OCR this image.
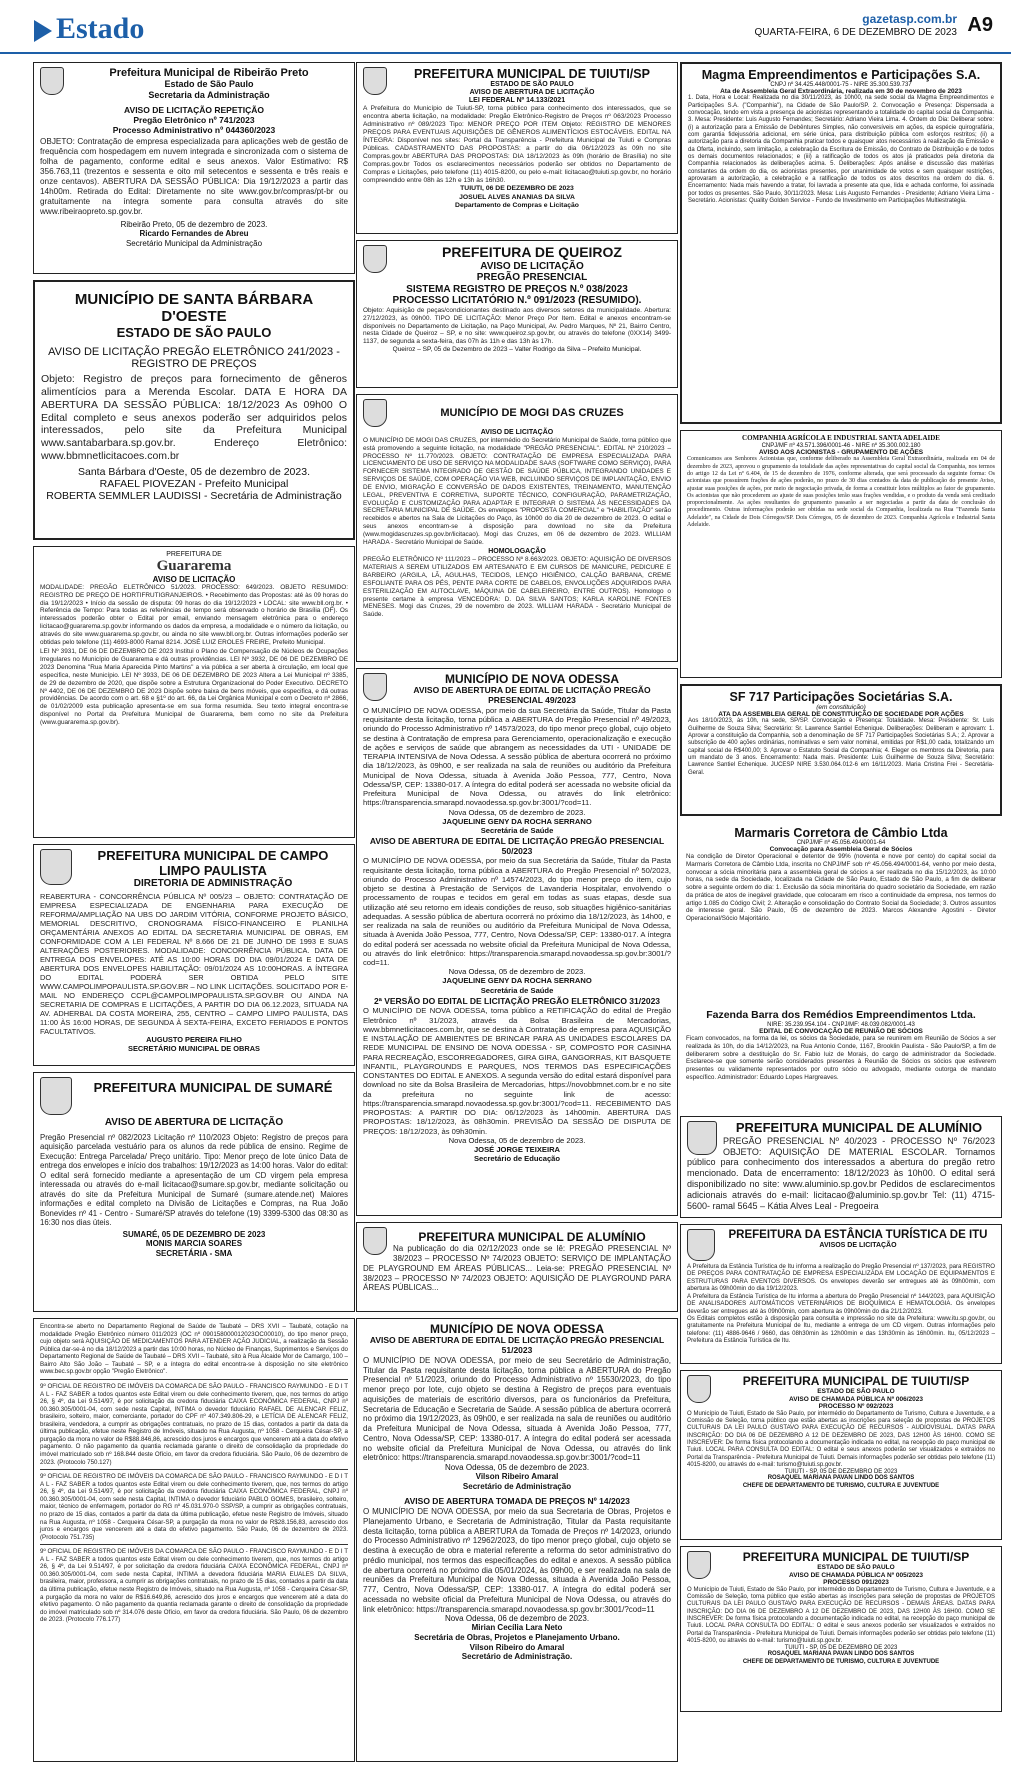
Estado	gazetasp.com.br
QUARTA-FEIRA, 6 DE DEZEMBRO DE 2023 A9
Prefeitura Municipal de Ribeirão Preto
Estado de São Paulo
Secretaria da Administração
AVISO DE LICITAÇÃO REPETIÇÃO
Pregão Eletrônico nº 741/2023
Processo Administrativo nº 044360/2023
OBJETO: Contratação de empresa especializada para aplicações web de gestão de frequência com hospedagem em nuvem integrada e sincronizada com o sistema de folha de pagamento, conforme edital e seus anexos. Valor Estimativo: R$ 356.763,11 (trezentos e sessenta e oito mil setecentos e sessenta e três reais e onze centavos). ABERTURA DA SESSÃO PÚBLICA: Dia 19/12/2023 a partir das 14h00m. Retirada do Edital: Diretamente no site www.gov.br/compras/pt-br ou gratuitamente na íntegra somente para consulta através do site www.ribeiraopreto.sp.gov.br.
Ribeirão Preto, 05 de dezembro de 2023.
Ricardo Fernandes de Abreu
Secretário Municipal da Administração
MUNICÍPIO DE SANTA BÁRBARA D'OESTE
ESTADO DE SÃO PAULO
AVISO DE LICITAÇÃO PREGÃO ELETRÔNICO 241/2023 - REGISTRO DE PREÇOS
Objeto: Registro de preços para fornecimento de gêneros alimentícios para a Merenda Escolar. DATA E HORA DA ABERTURA DA SESSÃO PÚBLICA: 18/12/2023 As 09h00 O Edital completo e seus anexos poderão ser adquiridos pelos interessados, pelo site da Prefeitura Municipal www.santabarbara.sp.gov.br. Endereço Eletrônico: www.bbmnetlicitacoes.com.br
Santa Bárbara d'Oeste, 05 de dezembro de 2023.
RAFAEL PIOVEZAN - Prefeito Municipal
ROBERTA SEMMLER LAUDISSI - Secretária de Administração
PREFEITURA DE
Guararema
AVISO DE LICITAÇÃO
MODALIDADE: PREGÃO ELETRÔNICO 51/2023. PROCESSO: 649/2023. OBJETO RESUMIDO: REGISTRO DE PREÇO DE HORTIFRUTIGRANJEIROS. • Recebimento das Propostas: até às 09 horas do dia 19/12/2023 • Início da sessão de disputa: 09 horas do dia 19/12/2023 • LOCAL: site www.bll.org.br. • Referência de Tempo: Para todas as referências de tempo será observado o horário de Brasília (DF). Os interessados poderão obter o Edital por email, enviando mensagem eletrônica para o endereço licitacao@guararema.sp.gov.br informando os dados da empresa, a modalidade e o número da licitação, ou através do site www.guararema.sp.gov.br, ou ainda no site www.bll.org.br. Outras informações poderão ser obtidas pelo telefone (11) 4693-8000 Ramal 8214. JOSÉ LUIZ EROLES FREIRE, Prefeito Municipal.
LEI Nº 3931, DE 06 DE DEZEMBRO DE 2023 Institui o Plano de Compensação de Núcleos de Ocupações Irregulares no Município de Guararema e dá outras providências. LEI Nº 3932, DE 06 DE DEZEMBRO DE 2023 Denomina "Rua Maria Aparecida Pinto Martins" a via pública a ser aberta à circulação, em local que especifica, neste Município. LEI Nº 3933, DE 06 DE DEZEMBRO DE 2023 Altera a Lei Municipal nº 3385, de 29 de dezembro de 2020, que dispõe sobre a Estrutura Organizacional do Poder Executivo. DECRETO Nº 4402, DE 06 DE DEZEMBRO DE 2023 Dispõe sobre baixa de bens móveis, que especifica, e dá outras providências. De acordo com o art. 68 e §1º do art. 66, da Lei Orgânica Municipal e com o Decreto nº 2866, de 01/02/2009 esta publicação apresenta-se em sua forma resumida. Seu texto integral encontra-se disponível no Portal da Prefeitura Municipal de Guararema, bem como no site da Prefeitura (www.guararema.sp.gov.br).
PREFEITURA MUNICIPAL DE CAMPO LIMPO PAULISTA
DIRETORIA DE ADMINISTRAÇÃO
REABERTURA - CONCORRÊNCIA PÚBLICA Nº 005/23 – OBJETO: CONTRATAÇÃO DE EMPRESA ESPECIALIZADA DE ENGENHARIA PARA EXECUÇÃO DE REFORMA/AMPLIAÇÃO NA UBS DO JARDIM VITÓRIA, CONFORME PROJETO BÁSICO, MEMORIAL DESCRITIVO, CRONOGRAMA FÍSICO-FINANCEIRO E PLANILHA ORÇAMENTÁRIA ANEXOS AO EDITAL DA SECRETARIA MUNICIPAL DE OBRAS, EM CONFORMIDADE COM A LEI FEDERAL Nº 8.666 DE 21 DE JUNHO DE 1993 E SUAS ALTERAÇÕES POSTERIORES. MODALIDADE: CONCORRÊNCIA PÚBLICA. DATA DE ENTREGA DOS ENVELOPES: ATÉ AS 10:00 HORAS DO DIA 09/01/2024 E DATA DE ABERTURA DOS ENVELOPES HABILITAÇÃO: 09/01/2024 AS 10:00HORAS. A ÍNTEGRA DO EDITAL PODERÁ SER OBTIDA PELO SITE WWW.CAMPOLIMPOPAULISTA.SP.GOV.BR – NO LINK LICITAÇÕES. SOLICITADO POR E-MAIL NO ENDEREÇO CCPL@CAMPOLIMPOPAULISTA.SP.GOV.BR OU AINDA NA SECRETARIA DE COMPRAS E LICITAÇÕES, A PARTIR DO DIA 06.12.2023, SITUADA NA AV. ADHERBAL DA COSTA MOREIRA, 255, CENTRO – CAMPO LIMPO PAULISTA, DAS 11:00 ÀS 16:00 HORAS, DE SEGUNDA À SEXTA-FEIRA, EXCETO FERIADOS E PONTOS FACULTATIVOS.
AUGUSTO PEREIRA FILHO
SECRETÁRIO MUNICIPAL DE OBRAS
PREFEITURA MUNICIPAL DE SUMARÉ
AVISO DE ABERTURA DE LICITAÇÃO
Pregão Presencial nº 082/2023 Licitação nº 110/2023 Objeto: Registro de preços para aquisição parcelada vestuário para os alunos da rede pública de ensino. Regime de Execução: Entrega Parcelada/ Preço unitário. Tipo: Menor preço de lote único Data de entrega dos envelopes e início dos trabalhos: 19/12/2023 as 14:00 horas. Valor do edital: O edital será fornecido mediante a apresentação de um CD virgem pela empresa interessada ou através do e-mail licitacao@sumare.sp.gov.br, mediante solicitação ou através do site da Prefeitura Municipal de Sumaré (sumare.atende.net) Maiores informações e edital completo na Divisão de Licitações e Compras, na Rua João Bonevides nº 41 - Centro - Sumaré/SP através do telefone (19) 3399-5300 das 08:30 as 16:30 nos dias úteis.
SUMARÉ, 05 DE DEZEMBRO DE 2023
MONIS MARCIA SOARES
SECRETÁRIA - SMA
Encontra-se aberto no Departamento Regional de Saúde de Taubaté – DRS XVII – Taubaté, cotação na modalidade Pregão Eletrônico número 011/2023 (OC nº 090158000012023OC00010), do tipo menor preço, cujo objeto será AQUISIÇÃO DE MEDICAMENTOS PARA ATENDER AÇÃO JUDICIAL, a realização da Sessão Pública dar-se-á no dia 18/12/2023 a partir das 10:00 horas, no Núcleo de Finanças, Suprimentos e Serviços do Departamento Regional de Saúde de Taubaté – DRS XVII – Taubaté, sito à Rua Alcaide Mor de Camargo, 100 – Bairro Alto São João – Taubaté – SP, e a íntegra do edital encontra-se à disposição no site eletrônico www.bec.sp.gov.br opção "Pregão Eletrônico".
9º OFICIAL DE REGISTRO DE IMÓVEIS DA COMARCA DE SÃO PAULO - FRANCISCO RAYMUNDO - E D I T A L - FAZ SABER a todos quantos este Edital virem ou dele conhecimento tiverem, que, nos termos do artigo 26, § 4º, da Lei 9.514/97, é por solicitação da credora fiduciária CAIXA ECONÔMICA FEDERAL, CNPJ nº 00.360.305/0001-04, com sede nesta Capital, INTIMA o devedor fiduciário RAFAEL DE ALENCAR FELIZ, brasileiro, solteiro, maior, comerciante, portador do CPF nº 407.349.806-29, e LETÍCIA DE ALENCAR FELIZ, brasileira, vendedora, a cumprir as obrigações contratuais, no prazo de 15 dias, contados a partir da data da última publicação, efetue neste Registro de Imóveis, situado na Rua Augusta, nº 1058 - Cerqueira César-SP, a purgação da mora no valor de R$88.846,86, acrescido dos juros e encargos que vencerem até a data do efetivo pagamento. O não pagamento da quantia reclamada garante o direito de consolidação da propriedade do imóvel matriculado sob nº 168.844 deste Ofício, em favor da credora fiduciária. São Paulo, 06 de dezembro de 2023. (Protocolo 750.127)
9º OFICIAL DE REGISTRO DE IMÓVEIS DA COMARCA DE SÃO PAULO - FRANCISCO RAYMUNDO - E D I T A L - FAZ SABER a todos quantos este Edital virem ou dele conhecimento tiverem, que, nos termos do artigo 26, § 4º, da Lei 9.514/97, é por solicitação da credora fiduciária CAIXA ECONÔMICA FEDERAL, CNPJ nº 00.360.305/0001-04, com sede nesta Capital, INTIMA o devedor fiduciário PABLO GOMES, brasileiro, solteiro, maior, técnico de enfermagem, portador do RG nº 45.031.970-0 SSP/SP, a cumprir as obrigações contratuais, no prazo de 15 dias, contados a partir da data da última publicação, efetue neste Registro de Imóveis, situado na Rua Augusta, nº 1058 - Cerqueira César-SP, a purgação da mora no valor de R$28.156,83, acrescido dos juros e encargos que vencerem até a data do efetivo pagamento. São Paulo, 06 de dezembro de 2023. (Protocolo 751.735)
9º OFICIAL DE REGISTRO DE IMÓVEIS DA COMARCA DE SÃO PAULO - FRANCISCO RAYMUNDO - E D I T A L - FAZ SABER a todos quantos este Edital virem ou dele conhecimento tiverem, que, nos termos do artigo 26, § 4º, da Lei 9.514/97, é por solicitação da credora fiduciária CAIXA ECONÔMICA FEDERAL, CNPJ nº 00.360.305/0001-04, com sede nesta Capital, INTIMA a devedora fiduciária MARIA EUALES DA SILVA, brasileira, maior, professora, a cumprir as obrigações contratuais, no prazo de 15 dias, contados a partir da data da última publicação, efetue neste Registro de Imóveis, situado na Rua Augusta, nº 1058 - Cerqueira César-SP, a purgação da mora no valor de R$16.649,86, acrescido dos juros e encargos que vencerem até a data do efetivo pagamento. O não pagamento da quantia reclamada garante o direito de consolidação da propriedade do imóvel matriculado sob nº 314.076 deste Ofício, em favor da credora fiduciária. São Paulo, 06 de dezembro de 2023. (Protocolo 776.177)
PREFEITURA MUNICIPAL DE TUIUTI/SP
ESTADO DE SÃO PAULO
AVISO DE ABERTURA DE LICITAÇÃO
LEI FEDERAL Nº 14.133/2021
A Prefeitura do Município de Tuiuti-SP, torna público para conhecimento dos interessados, que se encontra aberta licitação, na modalidade: Pregão Eletrônico-Registro de Preços nº 063/2023 Processo Administrativo nº 089/2023 Tipo: MENOR PREÇO POR ITEM Objeto: REGISTRO DE MENORES PREÇOS PARA EVENTUAIS AQUISIÇÕES DE GÊNEROS ALIMENTÍCIOS ESTOCÁVEIS. EDITAL NA ÍNTEGRA: Disponível nos sites: Portal da Transparência - Prefeitura Municipal de Tuiuti e Compras Públicas. CADASTRAMENTO DAS PROPOSTAS: a partir do dia 06/12/2023 às 09h no site Compras.gov.br ABERTURA DAS PROPOSTAS: DIA 18/12/2023 às 09h (horário de Brasília) no site Compras.gov.br Todos os esclarecimentos necessários poderão ser obtidos no Departamento de Compras e Licitações, pelo telefone (11) 4015-8200, ou pelo e-mail: licitacao@tuiuti.sp.gov.br, no horário compreendido entre 08h às 12h e 13h às 16h30.
TUIUTI, 06 DE DEZEMBRO DE 2023
JOSUEL ALVES ANANIAS DA SILVA
Departamento de Compras e Licitação
PREFEITURA DE QUEIROZ
AVISO DE LICITAÇÃO
PREGÃO PRESENCIAL
SISTEMA REGISTRO DE PREÇOS N.º 038/2023
PROCESSO LICITATÓRIO N.º 091/2023 (RESUMIDO).
Objeto: Aquisição de peças/condicionantes destinado aos diversos setores da municipalidade. Abertura: 27/12/2023, às 09h00. TIPO DE LICITAÇÃO: Menor Preço Por Item. Edital e anexos encontram-se disponíveis no Departamento de Licitação, na Paço Municipal, Av. Pedro Marques, Nº 21, Bairro Centro, nesta Cidade de Queiroz – SP, e no site: www.queiroz.sp.gov.br, ou através do telefone (0XX14) 3499-1137, de segunda a sexta-feira, das 07h às 11h e das 13h às 17h.
Queiroz – SP, 05 de Dezembro de 2023 – Valter Rodrigo da Silva – Prefeito Municipal.
MUNICÍPIO DE MOGI DAS CRUZES
AVISO DE LICITAÇÃO
O MUNICÍPIO DE MOGI DAS CRUZES, por intermédio do Secretário Municipal de Saúde, torna público que está promovendo a seguinte licitação, na modalidade "PREGÃO PRESENCIAL". EDITAL Nº 210/2023 – PROCESSO Nº 11.770/2023. OBJETO: CONTRATAÇÃO DE EMPRESA ESPECIALIZADA PARA LICENCIAMENTO DE USO DE SERVIÇO NA MODALIDADE SAAS (SOFTWARE COMO SERVIÇO), PARA FORNECER SISTEMA INTEGRADO DE GESTÃO DE SAÚDE PÚBLICA, INTEGRANDO UNIDADES E SERVIÇOS DE SAÚDE, COM OPERAÇÃO VIA WEB, INCLUINDO SERVIÇOS DE IMPLANTAÇÃO, ENVIO DE ENVIO, MIGRAÇÃO E CONVERSÃO DE DADOS EXISTENTES, TREINAMENTO, MANUTENÇÃO LEGAL, PREVENTIVA E CORRETIVA, SUPORTE TÉCNICO, CONFIGURAÇÃO, PARAMETRIZAÇÃO, EVOLUÇÃO E CUSTOMIZAÇÃO PARA ADAPTAR E INTEGRAR O SISTEMA ÀS NECESSIDADES DA SECRETARIA MUNICIPAL DE SAÚDE. Os envelopes "PROPOSTA COMERCIAL" e "HABILITAÇÃO" serão recebidos e abertos na Sala de Licitações do Paço, às 10h00 do dia 20 de dezembro de 2023. O edital e seus anexos encontram-se à disposição para download no site da Prefeitura (www.mogidascruzes.sp.gov.br/licitacao). Mogi das Cruzes, em 06 de dezembro de 2023. WILLIAM HARADA - Secretário Municipal de Saúde.
HOMOLOGAÇÃO
PREGÃO ELETRÔNICO Nº 111/2023 – PROCESSO Nº 8.663/2023. OBJETO: AQUISIÇÃO DE DIVERSOS MATERIAIS A SEREM UTILIZADOS EM ARTESANATO E EM CURSOS DE MANICURE, PEDICURE E BARBEIRO (ARGILA, LÃ, AGULHAS, TECIDOS, LENÇO HIGIÊNICO, CALÇÃO BARBANA, CREME ESFOLIANTE PARA OS PÉS, PENTE PARA CORTE DE CABELOS, ENVOLUÇÕES ADQUIRIDOS PARA ESTERILIZAÇÃO EM AUTOCLAVE, MÁQUINA DE CABELEIREIRO, ENTRE OUTROS). Homologo o presente certame à empresa VENCEDORA: D. DA SILVA SANTOS; KARLA KAROLINE FONTES MENESES. Mogi das Cruzes, 29 de novembro de 2023. WILLIAM HARADA - Secretário Municipal de Saúde.
MUNICÍPIO DE NOVA ODESSA
AVISO DE ABERTURA DE EDITAL DE LICITAÇÃO PREGÃO PRESENCIAL 49/2023
O MUNICÍPIO DE NOVA ODESSA, por meio da sua Secretária da Saúde, Titular da Pasta requisitante desta licitação, torna pública a ABERTURA do Pregão Presencial nº 49/2023, oriundo do Processo Administrativo nº 14573/2023, do tipo menor preço global, cujo objeto se destina à Contratação de empresa para Gerenciamento, operacionalização e execução de ações e serviços de saúde que abrangem as necessidades da UTI - UNIDADE DE TERAPIA INTENSIVA de Nova Odessa. A sessão pública de abertura ocorrerá no próximo dia 18/12/2023, às 09h00, e ser realizada na sala de reuniões ou auditório da Prefeitura Municipal de Nova Odessa, situada à Avenida João Pessoa, 777, Centro, Nova Odessa/SP, CEP: 13380-017. A íntegra do edital poderá ser acessada no website oficial da Prefeitura Municipal de Nova Odessa, ou através do link eletrônico: https://transparencia.smarapd.novaodessa.sp.gov.br:3001/?cod=11.
Nova Odessa, 05 de dezembro de 2023.
JAQUELINE GENY DA ROCHA SERRANO
Secretária de Saúde
AVISO DE ABERTURA DE EDITAL DE LICITAÇÃO PREGÃO PRESENCIAL 50/2023
O MUNICÍPIO DE NOVA ODESSA, por meio da sua Secretária da Saúde, Titular da Pasta requisitante desta licitação, torna pública a ABERTURA do Pregão Presencial nº 50/2023, oriundo do Processo Administrativo nº 14574/2023, do tipo menor preço do item, cujo objeto se destina à Prestação de Serviços de Lavanderia Hospitalar, envolvendo o processamento de roupas e tecidos em geral em todas as suas etapas, desde sua utilização até seu retorno em ideais condições de reuso, sob situações higiênico-sanitárias adequadas. A sessão pública de abertura ocorrerá no próximo dia 18/12/2023, às 14h00, e ser realizada na sala de reuniões ou auditório da Prefeitura Municipal de Nova Odessa, situada à Avenida João Pessoa, 777, Centro, Nova Odessa/SP, CEP: 13380-017. A íntegra do edital poderá ser acessada no website oficial da Prefeitura Municipal de Nova Odessa, ou através do link eletrônico: https://transparencia.smarapd.novaodessa.sp.gov.br:3001/?cod=11.
Nova Odessa, 05 de dezembro de 2023.
JAQUELINE GENY DA ROCHA SERRANO
Secretária de Saúde
2ª VERSÃO DO EDITAL DE LICITAÇÃO PREGÃO ELETRÔNICO 31/2023
O MUNICÍPIO DE NOVA ODESSA, torna público a RETIFICAÇÃO do edital de Pregão Eletrônico nº 31/2023, através da Bolsa Brasileira de Mercadorias, www.bbmnetlicitacoes.com.br, que se destina à Contratação de empresa para AQUISIÇÃO E INSTALAÇÃO DE AMBIENTES DE BRINCAR PARA AS UNIDADES ESCOLARES DA REDE MUNICIPAL DE ENSINO DE NOVA ODESSA - SP, COMPOSTO POR CASINHA PARA RECREAÇÃO, ESCORREGADORES, GIRA GIRA, GANGORRAS, KIT BASQUETE INFANTIL, PLAYGROUNDS E PARQUES, NOS TERMOS DAS ESPECIFICAÇÕES CONSTANTES DO EDITAL E ANEXOS. A segunda versão do edital estará disponível para download no site da Bolsa Brasileira de Mercadorias, https://novobbmnet.com.br e no site da prefeitura no seguinte link de acesso: https://transparencia.smarapd.novaodessa.sp.gov.br:3001/?cod=11. RECEBIMENTO DAS PROPOSTAS: A PARTIR DO DIA: 06/12/2023 às 14h00min. ABERTURA DAS PROPOSTAS: 18/12/2023, às 08h30min. PREVISÃO DA SESSÃO DE DISPUTA DE PREÇOS: 18/12/2023, às 09h30min.
Nova Odessa, 05 de dezembro de 2023.
JOSÉ JORGE TEIXEIRA
Secretário de Educação
PREFEITURA MUNICIPAL DE ALUMÍNIO
Na publicação do dia 02/12/2023 onde se lê: PREGÃO PRESENCIAL Nº 38/2023 – PROCESSO Nº 74/2023 OBJETO: SERVIÇO DE IMPLANTAÇÃO DE PLAYGROUND EM ÁREAS PÚBLICAS... Leia-se: PREGÃO PRESENCIAL Nº 38/2023 – PROCESSO Nº 74/2023 OBJETO: AQUISIÇÃO DE PLAYGROUND PARA ÁREAS PÚBLICAS...
MUNICÍPIO DE NOVA ODESSA
AVISO DE ABERTURA DE EDITAL DE LICITAÇÃO PREGÃO PRESENCIAL 51/2023
O MUNICÍPIO DE NOVA ODESSA, por meio de seu Secretário de Administração, Titular da Pasta requisitante desta licitação, torna pública a ABERTURA do Pregão Presencial nº 51/2023, oriundo do Processo Administrativo nº 15530/2023, do tipo menor preço por lote, cujo objeto se destina à Registro de preços para eventuais aquisições de materiais de escritório diversos, para os funcionários da Prefeitura, Secretaria de Educação e Secretaria de Saúde. A sessão pública de abertura ocorrerá no próximo dia 19/12/2023, às 09h00, e ser realizada na sala de reuniões ou auditório da Prefeitura Municipal de Nova Odessa, situada à Avenida João Pessoa, 777, Centro, Nova Odessa/SP, CEP: 13380-017. A íntegra do edital poderá ser acessada no website oficial da Prefeitura Municipal de Nova Odessa, ou através do link eletrônico: https://transparencia.smarapd.novaodessa.sp.gov.br:3001/?cod=11
Nova Odessa, 05 de dezembro de 2023.
Vilson Ribeiro Amaral
Secretário de Administração
AVISO DE ABERTURA TOMADA DE PREÇOS Nº 14/2023
O MUNICÍPIO DE NOVA ODESSA, por meio da sua Secretaria de Obras, Projetos e Planejamento Urbano, e Secretaria de Administração, Titular da Pasta requisitante desta licitação, torna pública a ABERTURA da Tomada de Preços nº 14/2023, oriundo do Processo Administrativo nº 12962/2023, do tipo menor preço global, cujo objeto se destina à execução de obra e material referente a reforma do setor administrativo do prédio municipal, nos termos das especificações do edital e anexos. A sessão pública de abertura ocorrerá no próximo dia 05/01/2024, às 09h00, e ser realizada na sala de reuniões da Prefeitura Municipal de Nova Odessa, situada à Avenida João Pessoa, 777, Centro, Nova Odessa/SP, CEP: 13380-017. A íntegra do edital poderá ser acessada no website oficial da Prefeitura Municipal de Nova Odessa, ou através do link eletrônico: https://transparencia.smarapd.novaodessa.sp.gov.br:3001/?cod=11
Nova Odessa, 06 de dezembro de 2023.
Mirian Cecília Lara Neto
Secretária de Obras, Projetos e Planejamento Urbano.
Vilson Ribeiro do Amaral
Secretário de Administração.
Magma Empreendimentos e Participações S.A.
CNPJ nº 34.425.448/0001-75 - NIRE 35.300.539.737
Ata de Assembleia Geral Extraordinária, realizada em 30 de novembro de 2023
1. Data, Hora e Local: Realizada no dia 30/11/2023, às 10h00, na sede social da Magma Empreendimentos e Participações S.A. ("Companhia"), na Cidade de São Paulo/SP. 2. Convocação e Presença: Dispensada a convocação, tendo em vista a presença de acionistas representando a totalidade do capital social da Companhia. 3. Mesa: Presidente: Luis Augusto Fernandes; Secretário: Adriano Vieira Lima. 4. Ordem do Dia: Deliberar sobre: (i) a autorização para a Emissão de Debêntures Simples, não conversíveis em ações, da espécie quirografária, com garantia fidejussória adicional, em série única, para distribuição pública com esforços restritos; (ii) a autorização para a diretoria da Companhia praticar todos e quaisquer atos necessários à realização da Emissão e da Oferta, incluindo, sem limitação, a celebração da Escritura de Emissão, do Contrato de Distribuição e de todos os demais documentos relacionados; e (iii) a ratificação de todos os atos já praticados pela diretoria da Companhia relacionados às deliberações acima. 5. Deliberações: Após análise e discussão das matérias constantes da ordem do dia, os acionistas presentes, por unanimidade de votos e sem quaisquer restrições, aprovaram a autorização, a celebração e a ratificação de todos os atos descritos na ordem do dia. 6. Encerramento: Nada mais havendo a tratar, foi lavrada a presente ata que, lida e achada conforme, foi assinada por todos os presentes. São Paulo, 30/11/2023. Mesa: Luis Augusto Fernandes - Presidente; Adriano Vieira Lima - Secretário. Acionistas: Quality Golden Service - Fundo de Investimento em Participações Multiestratégia.
COMPANHIA AGRÍCOLA E INDUSTRIAL SANTA ADELAIDE
CNPJ/MF nº 43.571.396/0001-46 - NIRE nº 35.300.002.180
AVISO AOS ACIONISTAS - GRUPAMENTO DE AÇÕES
Comunicamos aos Senhores Acionistas que, conforme deliberado na Assembleia Geral Extraordinária, realizada em 04 de dezembro de 2023, aprovou o grupamento da totalidade das ações representativas do capital social da Companhia, nos termos do artigo 12 da Lei nº 6.404, de 15 de dezembro de 1976, conforme alterada, que será processado da seguinte forma: Os acionistas que possuírem frações de ações poderão, no prazo de 30 dias contados da data de publicação do presente Aviso, ajustar suas posições de ações, por meio de negociação privada, de forma a constituir lotes múltiplos ao fator de grupamento. Os acionistas que não procederem ao ajuste de suas posições terão suas frações vendidas, e o produto da venda será creditado proporcionalmente. As ações resultantes do grupamento passarão a ser negociadas a partir da data de conclusão do procedimento. Outras informações poderão ser obtidas na sede social da Companhia, localizada na Rua "Fazenda Santa Adelaide", na Cidade de Dois Córregos/SP. Dois Córregos, 05 de dezembro de 2023. Companhia Agrícola e Industrial Santa Adelaide.
SF 717 Participações Societárias S.A.
(em constituição)
ATA DA ASSEMBLEIA GERAL DE CONSTITUIÇÃO DE SOCIEDADE POR AÇÕES
Aos 18/10/2023, às 10h, na sede, SP/SP. Convocação e Presença: Totalidade. Mesa: Presidente: Sr. Luis Guilherme de Souza Silva; Secretário: Sr. Lawrence Santiel Echenique. Deliberações: Deliberam e aprovam: 1. Aprovar a constituição da Companhia, sob a denominação de SF 717 Participações Societárias S.A.; 2. Aprovar a subscrição de 400 ações ordinárias, nominativas e sem valor nominal, emitidas por R$1,00 cada, totalizando um capital social de R$400,00; 3. Aprovar o Estatuto Social da Companhia; 4. Eleger os membros da Diretoria, para um mandato de 3 anos. Encerramento: Nada mais. Presidente: Luis Guilherme de Souza Silva; Secretário: Lawrence Santiel Echenique. JUCESP NIRE 3.530.064.012-6 em 16/11/2023. Maria Cristina Frei - Secretária-Geral.
Marmaris Corretora de Câmbio Ltda
CNPJ/MF nº 45.056.494/0001-64
Convocação para Assembleia Geral de Sócios
Na condição de Diretor Operacional e detentor de 99% (noventa e nove por cento) do capital social da Marmaris Corretora de Câmbio Ltda, inscrita no CNPJ/MF sob nº 45.056.494/0001-64, venho por meio desta, convocar a sócia minoritária para a assembleia geral de sócios a ser realizada no dia 15/12/2023, às 10:00 horas, na sede da Sociedade, localizada na Cidade de São Paulo, Estado de São Paulo, a fim de deliberar sobre a seguinte ordem do dia: 1. Exclusão da sócia minoritária do quadro societário da Sociedade, em razão da prática de atos de inegável gravidade, que colocaram em risco a continuidade da empresa, nos termos do artigo 1.085 do Código Civil; 2. Alteração e consolidação do Contrato Social da Sociedade; 3. Outros assuntos de interesse geral. São Paulo, 05 de dezembro de 2023. Marcos Alexandre Agostini - Diretor Operacional/Sócio Majoritário.
Fazenda Barra dos Remédios Empreendimentos Ltda.
NIRE: 35.239.954.104 - CNPJ/MF: 48.039.082/0001-43
EDITAL DE CONVOCAÇÃO DE REUNIÃO DE SÓCIOS
Ficam convocados, na forma da lei, os sócios da Sociedade, para se reunirem em Reunião de Sócios a ser realizada às 10h, do dia 14/12/2023, na Rua Antonio Conde, 1167, Brooklin Paulista - São Paulo/SP, a fim de deliberarem sobre a destituição do Sr. Fabio luiz de Morais, do cargo de administrador da Sociedade. Esclarece-se que somente serão considerados presentes à Reunião de Sócios os sócios que estiverem presentes ou validamente representados por outro sócio ou advogado, mediante outorga de mandato específico. Administrador: Eduardo Lopes Hargreaves.
PREFEITURA MUNICIPAL DE ALUMÍNIO
PREGÃO PRESENCIAL Nº 40/2023 - PROCESSO Nº 76/2023 OBJETO: AQUISIÇÃO DE MATERIAL ESCOLAR. Tornamos público para conhecimento dos interessados a abertura do pregão retro mencionado. Data de encerramento: 18/12/2023 às 10h00. O edital será disponibilizado no site: www.aluminio.sp.gov.br Pedidos de esclarecimentos adicionais através do e-mail: licitacao@aluminio.sp.gov.br Tel: (11) 4715-5600- ramal 5645 – Kátia Alves Leal - Pregoeira
PREFEITURA DA ESTÂNCIA TURÍSTICA DE ITU
AVISOS DE LICITAÇÃO
A Prefeitura da Estância Turística de Itu informa a realização do Pregão Presencial nº 137/2023, para REGISTRO DE PREÇOS PARA CONTRATAÇÃO DE EMPRESA ESPECIALIZADA EM LOCAÇÃO DE EQUIPAMENTOS E ESTRUTURAS PARA EVENTOS DIVERSOS. Os envelopes deverão ser entregues até às 09h00min, com abertura às 09h00min do dia 19/12/2023.
A Prefeitura da Estância Turística de Itu informa a abertura do Pregão Presencial nº 144/2023, para AQUISIÇÃO DE ANALISADORES AUTOMÁTICOS VETERINÁRIOS DE BIOQUÍMICA E HEMATOLOGIA. Os envelopes deverão ser entregues até às 09h00min, com abertura às 09h00min do dia 21/12/2023.
Os Editais completos estão à disposição para consulta e impressão no site da Prefeitura: www.itu.sp.gov.br, ou gratuitamente na Prefeitura Municipal de Itu, mediante a entrega de um CD virgem. Outras informações pelo telefone: (11) 4886-9646 / 9660, das 08h30min às 12h00min e das 13h30min às 16h00min. Itu, 05/12/2023 – Prefeitura da Estância Turística de Itu.
PREFEITURA MUNICIPAL DE TUIUTI/SP
ESTADO DE SÃO PAULO
AVISO DE CHAMADA PÚBLICA Nº 006/2023
PROCESSO Nº 092/2023
O Município de Tuiuti, Estado de São Paulo, por intermédio do Departamento de Turismo, Cultura e Juventude, e a Comissão de Seleção, torna público que estão abertas as inscrições para seleção de propostas de PROJETOS CULTURAIS DA LEI PAULO GUSTAVO PARA EXECUÇÃO DE RECURSOS - AUDIOVISUAL. DATAS PARA INSCRIÇÃO: DO DIA 06 DE DEZEMBRO A 12 DE DEZEMBRO DE 2023, DAS 12H00 ÀS 16H00. COMO SE INSCREVER: De forma física protocolando a documentação indicada no edital, na recepção do paço municipal de Tuiuti. LOCAL PARA CONSULTA DO EDITAL: O edital e seus anexos poderão ser visualizados e extraídos no Portal da Transparência - Prefeitura Municipal de Tuiuti. Demais informações poderão ser obtidas pelo telefone (11) 4015-8200, ou através do e-mail: turismo@tuiuti.sp.gov.br.
TUIUTI - SP, 05 DE DEZEMBRO DE 2023
ROSAQUEL MARIANA PAVAN LINDO DOS SANTOS
CHEFE DE DEPARTAMENTO DE TURISMO, CULTURA E JUVENTUDE
PREFEITURA MUNICIPAL DE TUIUTI/SP
ESTADO DE SÃO PAULO
AVISO DE CHAMADA PÚBLICA Nº 005/2023
PROCESSO 091/2023
O Município de Tuiuti, Estado de São Paulo, por intermédio do Departamento de Turismo, Cultura e Juventude, e a Comissão de Seleção, torna público que estão abertas as inscrições para seleção de propostas de PROJETOS CULTURAIS DA LEI PAULO GUSTAVO PARA EXECUÇÃO DE RECURSOS - DEMAIS ÁREAS. DATAS PARA INSCRIÇÃO: DO DIA 06 DE DEZEMBRO A 12 DE DEZEMBRO DE 2023, DAS 12H00 ÀS 16H00. COMO SE INSCREVER: De forma física protocolando a documentação indicada no edital, na recepção do paço municipal de Tuiuti. LOCAL PARA CONSULTA DO EDITAL: O edital e seus anexos poderão ser visualizados e extraídos no Portal da Transparência - Prefeitura Municipal de Tuiuti. Demais informações poderão ser obtidas pelo telefone (11) 4015-8200, ou através do e-mail: turismo@tuiuti.sp.gov.br.
TUIUTI - SP, 05 DE DEZEMBRO DE 2023
ROSAQUEL MARIANA PAVAN LINDO DOS SANTOS
CHEFE DE DEPARTAMENTO DE TURISMO, CULTURA E JUVENTUDE
